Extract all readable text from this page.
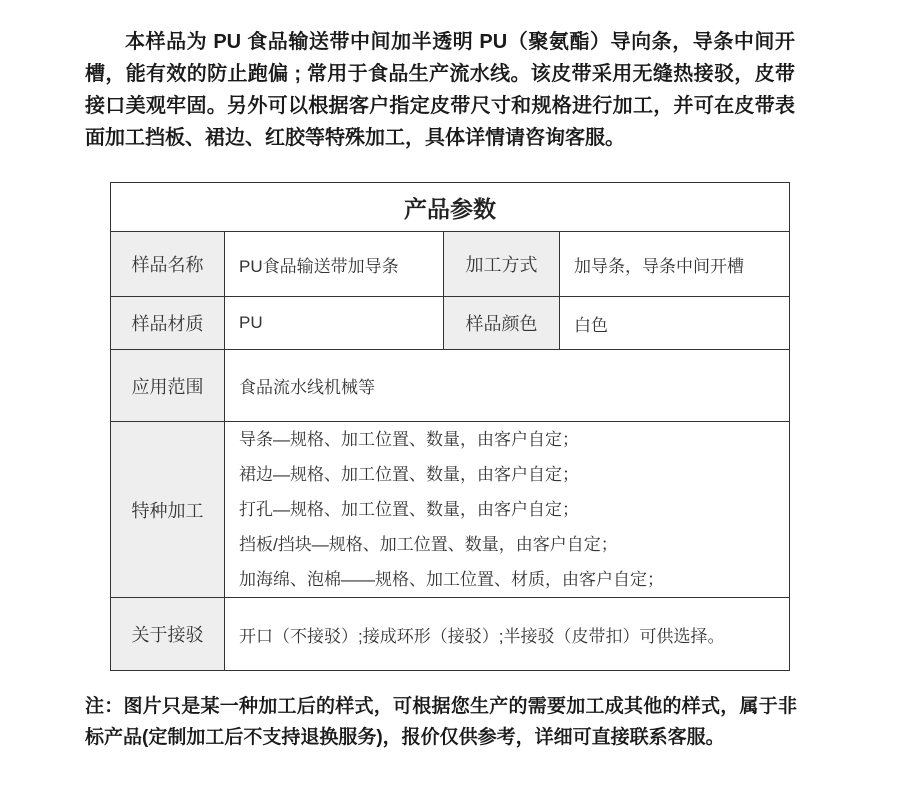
本样品为 PU 食品输送带中间加半透明 PU（聚氨酯）导向条，导条中间开槽，能有效的防止跑偏 ; 常用于食品生产流水线。该皮带采用无缝热接驳，皮带接口美观牢固。另外可以根据客户指定皮带尺寸和规格进行加工，并可在皮带表面加工挡板、裙边、红胶等特殊加工，具体详情请咨询客服。

产品参数			
样品名称	PU食品输送带加导条	加工方式	加导条，导条中间开槽
样品材质	PU	样品颜色	白色
应用范围	食品流水线机械等		
特种加工	导条—规格、加工位置、数量，由客户自定；
裙边—规格、加工位置、数量，由客户自定；
打孔—规格、加工位置、数量，由客户自定；
挡板/挡块—规格、加工位置、数量，由客户自定；
加海绵、泡棉——规格、加工位置、材质，由客户自定；		

关于接驳	开口（不接驳）;接成环形（接驳）;半接驳（皮带扣）可供选择。		

注：图片只是某一种加工后的样式，可根据您生产的需要加工成其他的样式，属于非标产品(定制加工后不支持退换服务)，报价仅供参考，详细可直接联系客服。
